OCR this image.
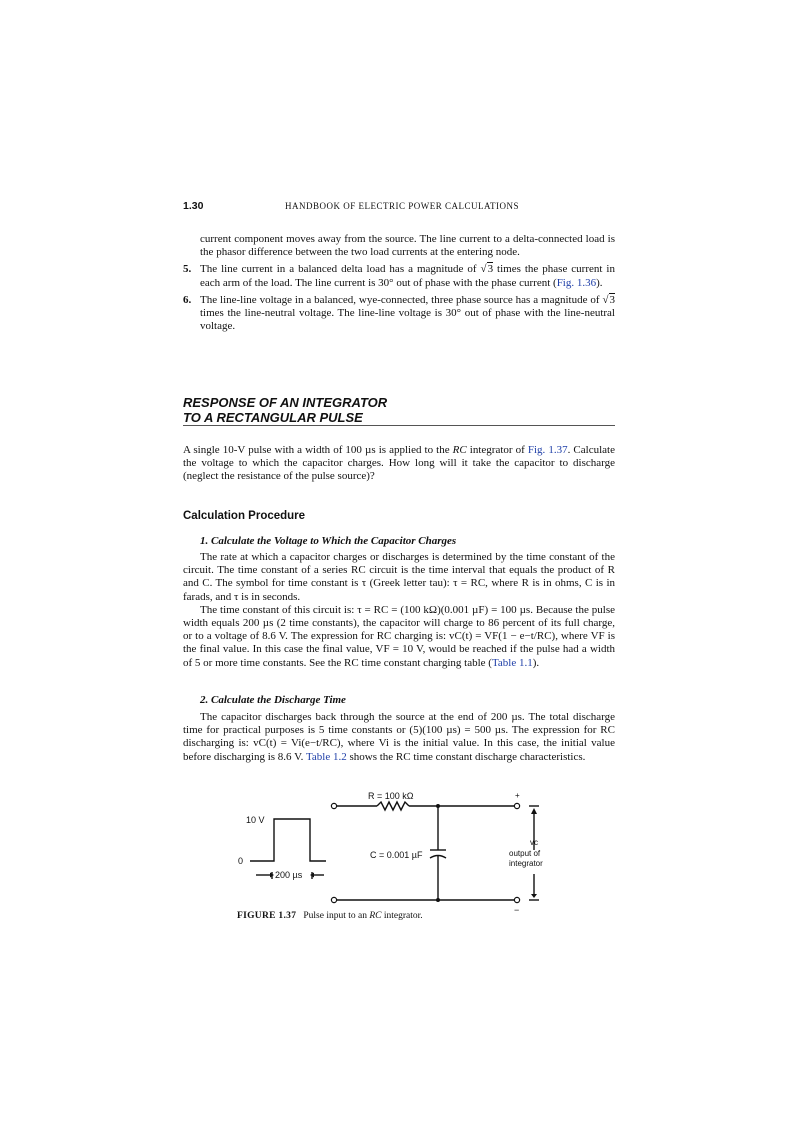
1.30	HANDBOOK OF ELECTRIC POWER CALCULATIONS

current component moves away from the source. The line current to a delta-connected load is the phasor difference between the two load currents at the entering node.

5. The line current in a balanced delta load has a magnitude of √3 times the phase current in each arm of the load. The line current is 30° out of phase with the phase current (Fig. 1.36).
6. The line-line voltage in a balanced, wye-connected, three phase source has a magnitude of √3 times the line-neutral voltage. The line-line voltage is 30° out of phase with the line-neutral voltage.
RESPONSE OF AN INTEGRATOR
TO A RECTANGULAR PULSE
A single 10-V pulse with a width of 100 µs is applied to the RC integrator of Fig. 1.37. Calculate the voltage to which the capacitor charges. How long will it take the capacitor to discharge (neglect the resistance of the pulse source)?
Calculation Procedure
1. Calculate the Voltage to Which the Capacitor Charges

The rate at which a capacitor charges or discharges is determined by the time constant of the circuit. The time constant of a series RC circuit is the time interval that equals the product of R and C. The symbol for time constant is τ (Greek letter tau): τ = RC, where R is in ohms, C is in farads, and τ is in seconds.

The time constant of this circuit is: τ = RC = (100 kΩ)(0.001 µF) = 100 µs. Because the pulse width equals 200 µs (2 time constants), the capacitor will charge to 86 percent of its full charge, or to a voltage of 8.6 V. The expression for RC charging is: vC(t) = VF(1 − e−t/RC), where VF is the final value. In this case the final value, VF = 10 V, would be reached if the pulse had a width of 5 or more time constants. See the RC time constant charging table (Table 1.1).

2. Calculate the Discharge Time

The capacitor discharges back through the source at the end of 200 µs. The total discharge time for practical purposes is 5 time constants or (5)(100 µs) = 500 µs. The expression for RC discharging is: vC(t) = Vi(e−t/RC), where Vi is the initial value. In this case, the initial value before discharging is 8.6 V. Table 1.2 shows the RC time constant discharge characteristics.

10 V
0
200 µs
R = 100 kΩ
C = 0.001 µF
+
−
vc
output of
integrator
FIGURE 1.37 Pulse input to an RC integrator.
